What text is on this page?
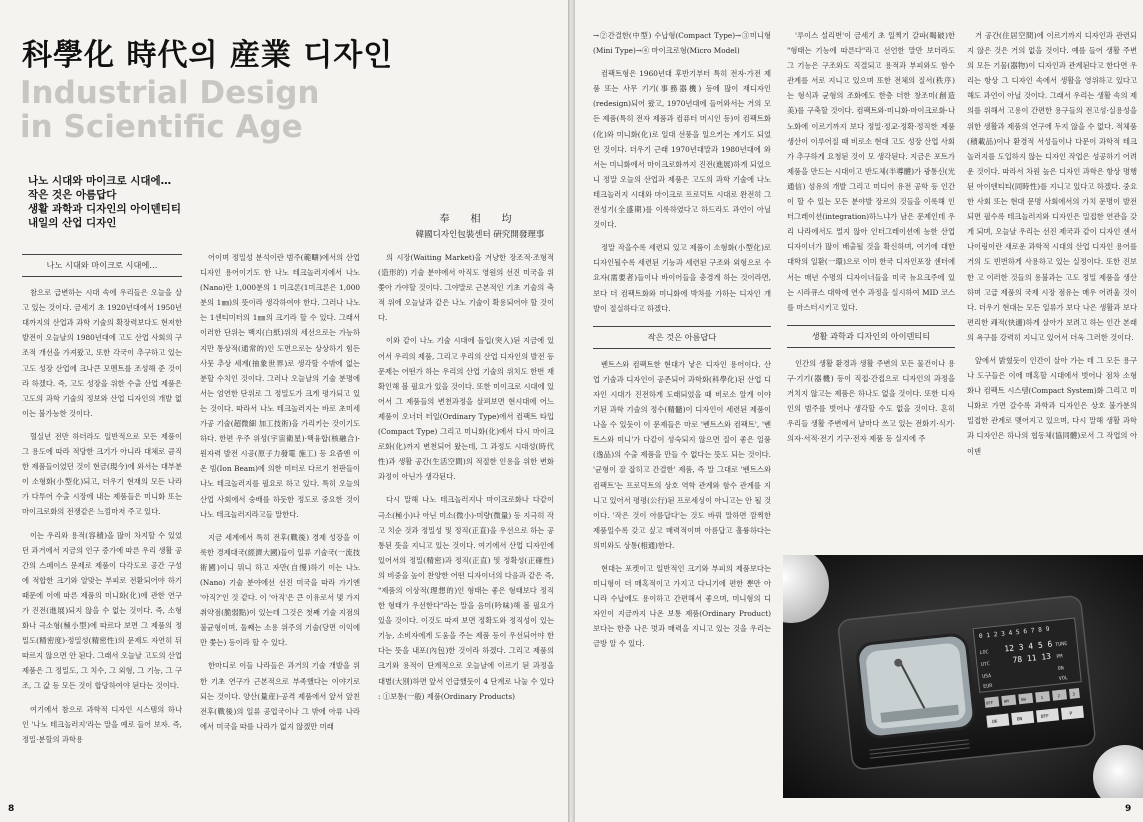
科學化 時代의 産業 디자인
Industrial Design
in Scientific Age
나노 시대와 마이크로 시대에…
작은 것은 아름답다
생활 과학과 디자인의 아이덴티티
내일의 산업 디자인	奉 相 均
韓國디자인包裝센터 硏究開發理事
나노 시대와 마이크로 시대에…

참으로 급변하는 시대 속에 우리들은 오늘을 살고 있는 것이다. 금세기 초 1920년대에서 1950년대까지의 산업과 과학 기술의 확장력보다도 현저한 발전이 오늘날의 1980년대에 고도 산업 사회의 구조적 개선을 가져왔고, 또한 각국이 추구하고 있는 고도 성장 산업에 크나큰 모멘트를 조성해 준 것이라 하겠다. 즉, 고도 성장을 위한 수출 산업 제품은 고도의 과학 기술의 정보와 산업 디자인의 개발 없이는 불가능한 것이다.

혈실년 전만 하더라도 일반적으로 모든 제품이 그 용도에 따라 적당한 크기가 아니라 대체로 큼직한 제품들이었던 것이 현금(現今)에 와서는 대부분이 소형화(小型化)되고, 더우기 현재의 모든 나라가 다투어 수출 시장에 내는 제품들은 미니화 또는 마이크로화의 전쟁같은 느낌마저 주고 있다.

이는 우리와 용적(容積)을 많이 차지할 수 있었던 과거에서 지금의 인구 증가에 따른 우리 생활 공간의 스페이스 문제로 제품이 다각도로 공간 구성에 적합한 크기와 알맞는 부피로 전환되어야 하기 때문에 이에 따른 제품의 미니화(化)에 관한 연구가 진전(進展)되지 않을 수 없는 것이다. 즉, 소형화나 극소형(極小型)에 따르다 보면 그 제품의 정밀도(精密度)·정밀성(精密性)의 문제도 자연히 뒤따르지 않으면 안 된다. 그래서 오늘날 고도의 산업 제품은 그 정밀도, 그 치수, 그 외형, 그 기능, 그 구조, 그 값 등 모든 것이 합당하여야 된다는 것이다.

여기에서 참으로 과학적 디자인 시스템의 하나인 '나노 테크놀러지'라는 말을 예로 들어 보자. 즉, 정밀·분할의 과학용

어이며 정밀성 분석이란 범주(範疇)에서의 산업 디자인 용어이기도 한 나노 테크놀러지에서 나노(Nano)란 1,000분의 1 미크론(1미크론은 1,000분의 1㎜)의 뜻이라 생각하여야 한다. 그러나 나노는 1센티미터의 1㎜의 크기라 할 수 있다. 그래서 이러한 단위는 백지(白紙)위의 세선으로는 가능하지만 통상적(通常的)인 도면으로는 상상하기 힘든 사뭇 추상 세계(抽象世界)로 생각할 수밖에 없는 분할 수치인 것이다. 그러나 오늘날의 기술 분명에서는 엄연한 단위로 그 정밀도가 크게 평가되고 있는 것이다. 따라서 나노 테크놀러지는 바로 초미세 가공 기술(超微細 加工技術)을 가리키는 것이기도 하다. 한편 우주 위성(宇宙衛星)·핵융합(核融合)·원자력 발전 시공(原子力發電 施工) 등 요즘엔 이온 빔(Ion Beam)에 의한 미터로 다르기 천판들이 나노 테크놀러지를 필요로 하고 있다. 특히 오늘의 산업 사회에서 숭배를 하듯한 정도로 중요한 것이 나노 테크놀러지라고들 말한다.

지금 세계에서 특히 전후(戰後) 경제 성장을 이룩한 경제대국(經濟大國)들이 일류 기술국(一流技術國)이니 뭐니 하고 자만(自慢)하기 이는 나노(Nano) 기술 분야에선 선진 미국을 따라 가기엔 '아직?'인 것 같다. 이 '아직'은 큰 이유로서 몇 가지 취약점(脆弱點)이 있는데 그것은 첫째 기술 지점의 불균형이며, 둘째는 소용 위주의 기술(당면 이익에만 쫓는) 등이라 할 수 있다.

한마디로 이들 나라들은 과거의 기술 개발을 위한 기초 연구가 근본적으로 부족했다는 이야기로 되는 것이다. 양산(量産)·공격 제품에서 앞서 앞친 전후(戰後)의 일류 공업국이나 그 밖에 아류 나라에서 미국을 따를 나라가 없지 않겠만 미래

의 시장(Waiting Market)을 겨냥한 장조적·조형적(造形的) 기술 분야에서 아직도 영원의 선진 미국을 위쫓아 가야할 것이다. 그야말로 근본적인 기초 기술의 축적 위에 오늘날과 같은 나노 기술이 확용되어야 할 것이다.

이와 같이 나노 기술 시대에 돌입(突入)된 지금에 있어서 우리의 제품, 그리고 우리의 산업 디자인의 발전 등 문제는 어떤가 하는 우리의 산업 기술의 위치도 한번 재확인해 볼 필요가 있을 것이다. 또한 미이크로 시대에 있어서 그 제품들의 변천과정을 살펴보면 현시대에 어느 제품이 오너더 터일(Ordinary Type)에서 컴팩트 타입(Compact Type) 그리고 미니화(化)에서 다시 마이크로화(化)까지 변천되어 왔는데, 그 과정도 시대성(時代性)과 생활 공간(生活空間)의 적절한 인용을 위한 변화 과정이 아닌가 생각된다.

다시 말해 나노 테크놀러지나 마이크로화나 다같이 극소(極小)나 아닌 미소(微小)·미량(微量) 등 지극히 작고 치순 것과 정밀성 및 정직(正直)을 우선으로 하는 공통된 뜻을 지니고 있는 것이다. 여기에서 산업 디자인에 있어서의 정밀(精密)과 정직(正直) 및 정확성(正確性)의 비중을 높이 찬양한 어떤 디자이너의 다음과 같은 즉, "제품의 이상적(理想的)인 형태는 좋은 형태보다 정직한 형태가 우선한다"라는 말을 음미(吟味)해 볼 필요가 있을 것이다. 이것도 따져 보면 정확도와 정직성이 있는 기능, 소비자에게 도움을 주는 제품 등이 우선되어야 한다는 뜻을 내포(內包)한 것이라 하겠다. 그리고 제품의 크기와 용적이 단계적으로 오늘날에 이르기 된 과정을 대별(大別)하면 앞서 언급했듯이 4 단계로 나눌 수 있다 : ①보통(一般) 제품(Ordinary Products)

8

→②간결한(中型) 수납형(Compact Type)→③미니형(Mini Type)→④ 마이크로형(Micro Model)

컴팩트형은 1960년대 후반기부터 특히 전자·가전 제품 또는 사무 기기(事務器機) 등에 많이 재디자인(redesign)되어 왔고, 1970년대에 들어와서는 거의 모든 제품(특히 전자 제품과 컴퓨터 머시인 등)이 컴팩트화(化)와 미니화(化)로 일대 선풍을 일으키는 계기도 되었던 것이다. 더우기 근래 1970년대말과 1980년대에 와서는 미니화에서 마이크로화까지 진전(進展)하게 되었으니 정말 오늘의 산업과 제품은 고도의 과학 기술에 나노 테크놀러지 시대와 마이크로 프로덕트 시대로 완전히 그 전성기(全盛期)를 이룩하였다고 하드라도 과언이 아닐 것이다.

정말 작을수록 세련되 있고 제품이 소형화(小型化)로 디자인될수록 세련된 기능과 세련된 구조와 외형으로 수요자(需要者)들이나 바이어들을 충경게 하는 것이라면, 보다 더 컴팩트화와 미니화에 박차를 가하는 디자인 개발이 절실하다고 하겠다.

작은 것은 아름답다

벤트스와 컴팩트한 현대가 낳은 디자인 용어이다. 산업 기술과 디자인이 공존되어 과학화(科學化)된 산업 디자인 시대가 진전하게 도래되었을 때 비로소 알게 이야기된 과학 기술의 정수(精髓)이 디자인이 세련된 제품이 나올 수 있듯이 이 문제들은 마로 '벤트스와 컴팩트', '벤트스와 미니'가 다같이 성숙되지 않으면 질이 좋은 일품(逸品)의 수출 제품을 만들 수 없다는 뜻도 되는 것이다. '균형이 잘 잡히고 간결한' 제품, 즉 말 그대로 '벤트스와 컴팩트'는 프로덕트의 상호 역학 관계와 함수 관계를 지니고 있어서 평평(公行)된 프로세싱이 아니고는 안 될 것이다. '작은 것이 아름답다'는 것도 바꿔 말하면 깜찍한 제품일수록 갖고 싶고 매력적이며 아름답고 훌륭하다는 의미와도 상통(相通)한다.

현대는 포켓이고 일반적인 크기와 부피의 제품보다는 미니형이 더 매혹적이고 가지고 다니기에 편한 뿐만 아니라 수납에도 용이하고 간편해서 좋으며, 미니형의 디자인이 지금까지 나온 보통 제품(Ordinary Product)보다는 한층 나은 멋과 매력을 지니고 있는 것을 우리는 금방 알 수 있다.

'루이스 설리번'이 금세기 초 일찍기 갈파(喝破)한 "형태는 기능에 따른다"라고 선언한 말만 보더라도 그 기능은 구조와도 직결되고 용적과 부피와도 함수 관계를 서로 지니고 있으며 또한 전체의 질서(秩序)는 형식과 균형의 조화에도 한층 더한 창조미(創造美)를 구축할 것이다. 컴팩트와·미니화·마이크로화·나노화에 이르기까지 보다 정밀·정교·정확·정직한 제품 생산이 이루어질 때 비로소 현대 고도 성장 산업 사회가 추구하게 요청된 것이 모 생각된다. 지금은 포트가 제품을 만드는 시대이고 반도체(半導體)가 광통신(光通信) 섬유의 개발 그리고 미디어 유전 공학 등 인간이 할 수 있는 모든 분야발 장르의 것들을 이룩해 인터그레이션(integration)하느냐가 남은 문제인데 우리 나라에서도 멀지 않아 인터그레이션에 능한 산업 디자이너가 많이 배출될 것을 확신하며, 여기에 대한 대학의 일환(一環)으로 이미 한국 디자인포장 센터에서는 매년 수명의 디자이너들을 미국 뉴요크주에 있는 시라큐스 대학에 연수 과정을 실시하여 MID 코스를 마스터시키고 있다.

생활 과학과 디자인의 아이덴티티

인간의 생활 환경과 생활 주변의 모든 물건이나 용구·기기(器機) 등이 직접·간접으로 디자인의 과정을 거치지 않고는 제품은 하나도 없을 것이다. 또한 디자인의 범주를 벗어나 생각할 수도 없을 것이다. 흔히 우리들 생활 주변에서 날마다 쓰고 있는 전화기·식기·의자·서적·전기 기구·전자 제품 등 실지에 주

거 공간(住居空間)에 이르기까지 디자인과 관련되지 않은 것은 거의 없을 것이다. 예를 들어 생활 주변의 모든 기물(器物)이 디자인과 관계된다고 한다면 우리는 항상 그 디자인 속에서 생활을 영위하고 있다고 해도 과언이 아닐 것이다. 그래서 우리는 생활 속의 제의를 위해서 고용이 간편한 용구들의 전고성·실용성을 위한 생활과 제품의 연구에 두지 않을 수 없다. 적체품(積載品)이나 환경적 서성들이나 다문이 과학적 테크놀러지를 도입하지 않는 디자인 작업은 성공하기 어려운 것이다. 따라서 차원 높은 디자인 과학은 항상 명행된 아이덴티티(同時性)를 지니고 있다고 하겠다. 중요한 사회 또는 현대 문명 사회에서의 가치 문명이 발전되면 필수록 테크놀러지와 디자인은 밀접한 연관을 갖게 되며, 오늘날 우리는 선진 제국과 같이 디자인 센서나이링이란 새로운 과학적 시대의 산업 디자인 용어를 거의 도 빈번하게 사용하고 있는 실정이다. 또한 진보한 고 이러한 것들의 용불과는 고도 정밀 제품을 생산하며 고급 제품의 국제 시장 점유는 매우 어려울 것이다. 더우기 현대는 모든 일류가 보다 나은 생활과 보다 편리한 쾌적(快適)하게 살아가 보려고 하는 인간 본래의 욕구를 강력히 지니고 있어서 더욱 그러한 것이다.

앞에서 밝혔듯이 인간이 살아 가는 데 그 모든 용구나 도구들은 이에 매혹할 시대에서 벗어나 점차 소형화나 컴팩트 시스템(Compact System)화 그리고 미니화로 가면 갈수록 과학과 디자인은 상호 불가분의 밀접한 관계로 맺어지고 있으며, 다시 말해 생활 과학과 디자인은 하나의 협동체(協同體)로서 그 작업의 아이덴

9
0 1 2 3 4 5 6 7 8 9
12 3 4 5 6
78 11 13
LOC
UTC
USA
EUR
TUNE
PM
ON
VOL
OFF	AM	SW	1	2	3
UK	ON	OFF	P
